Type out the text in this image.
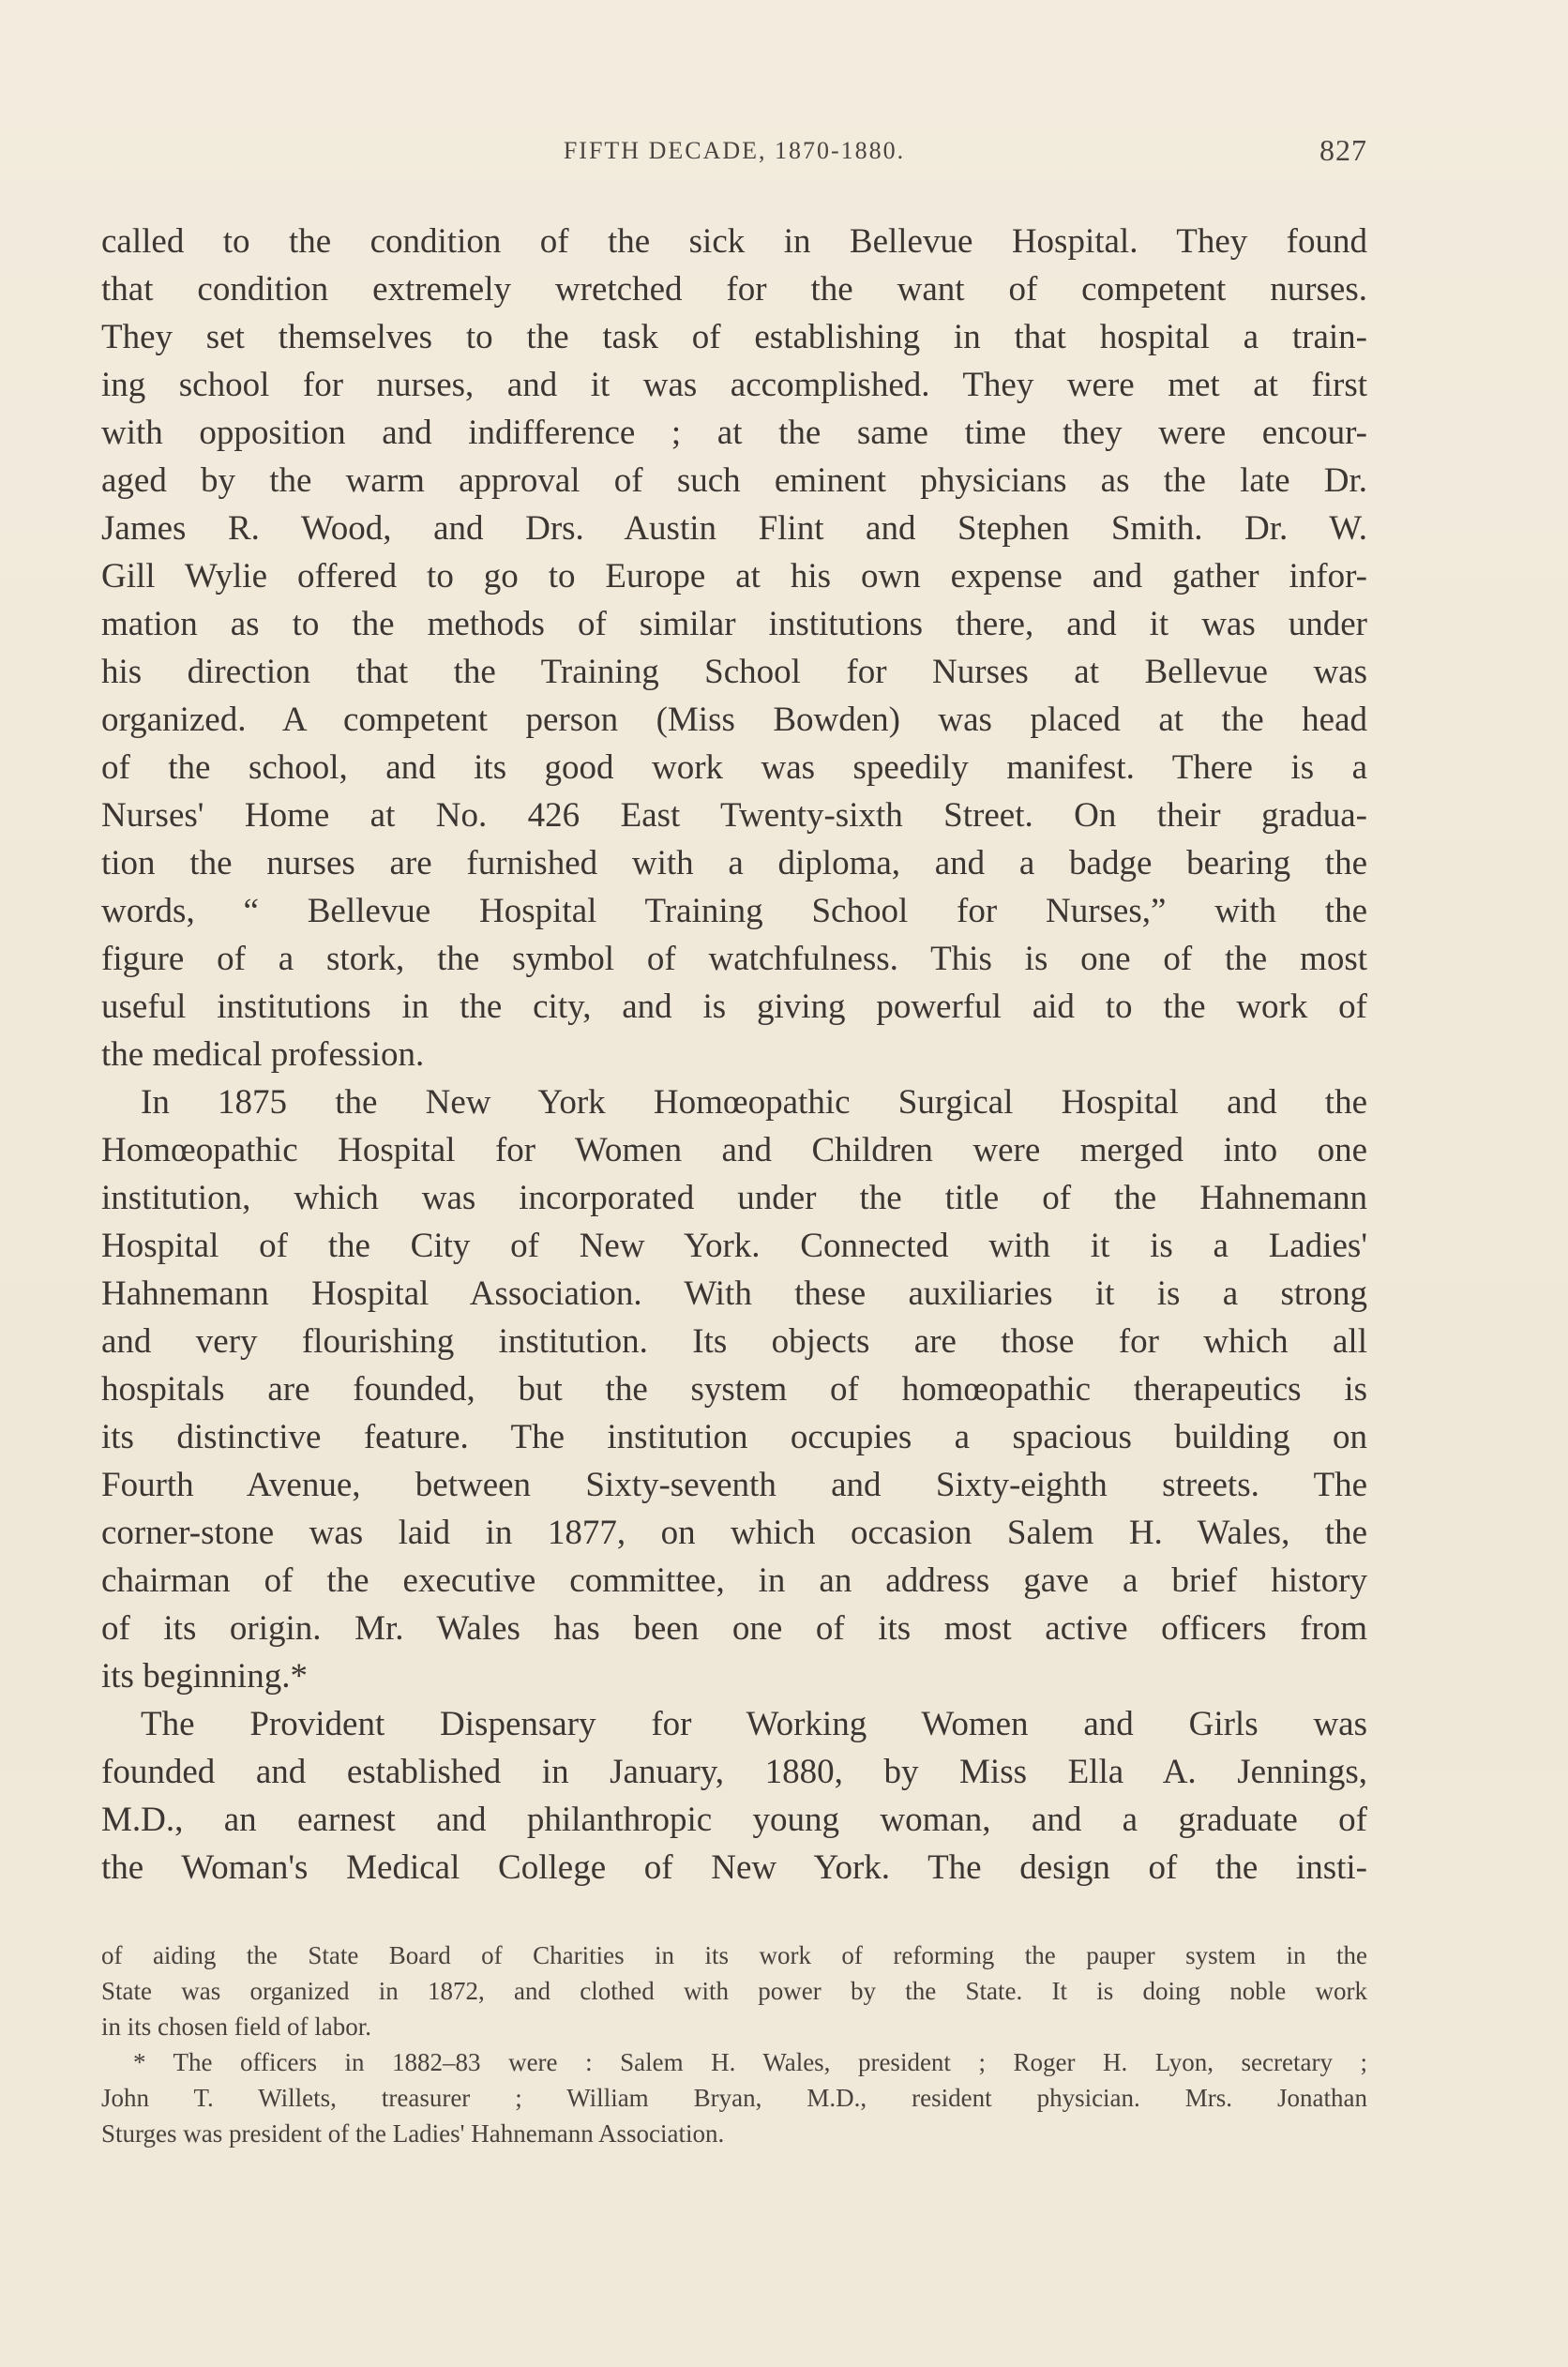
FIFTH DECADE, 1870-1880.	827
called to the condition of the sick in Bellevue Hospital. They found
that condition extremely wretched for the want of competent nurses.
They set themselves to the task of establishing in that hospital a train-
ing school for nurses, and it was accomplished. They were met at first
with opposition and indifference ; at the same time they were encour-
aged by the warm approval of such eminent physicians as the late Dr.
James R. Wood, and Drs. Austin Flint and Stephen Smith. Dr. W.
Gill Wylie offered to go to Europe at his own expense and gather infor-
mation as to the methods of similar institutions there, and it was under
his direction that the Training School for Nurses at Bellevue was
organized. A competent person (Miss Bowden) was placed at the head
of the school, and its good work was speedily manifest. There is a
Nurses' Home at No. 426 East Twenty-sixth Street. On their gradua-
tion the nurses are furnished with a diploma, and a badge bearing the
words, “ Bellevue Hospital Training School for Nurses,” with the
figure of a stork, the symbol of watchfulness. This is one of the most
useful institutions in the city, and is giving powerful aid to the work of
the medical profession.
In 1875 the New York Homœopathic Surgical Hospital and the
Homœopathic Hospital for Women and Children were merged into one
institution, which was incorporated under the title of the Hahnemann
Hospital of the City of New York. Connected with it is a Ladies'
Hahnemann Hospital Association. With these auxiliaries it is a strong
and very flourishing institution. Its objects are those for which all
hospitals are founded, but the system of homœopathic therapeutics is
its distinctive feature. The institution occupies a spacious building on
Fourth Avenue, between Sixty-seventh and Sixty-eighth streets. The
corner-stone was laid in 1877, on which occasion Salem H. Wales, the
chairman of the executive committee, in an address gave a brief history
of its origin. Mr. Wales has been one of its most active officers from
its beginning.*
The Provident Dispensary for Working Women and Girls was
founded and established in January, 1880, by Miss Ella A. Jennings,
M.D., an earnest and philanthropic young woman, and a graduate of
the Woman's Medical College of New York. The design of the insti-
of aiding the State Board of Charities in its work of reforming the pauper system in the
State was organized in 1872, and clothed with power by the State. It is doing noble work
in its chosen field of labor.
* The officers in 1882–83 were : Salem H. Wales, president ; Roger H. Lyon, secretary ;
John T. Willets, treasurer ; William Bryan, M.D., resident physician. Mrs. Jonathan
Sturges was president of the Ladies' Hahnemann Association.
